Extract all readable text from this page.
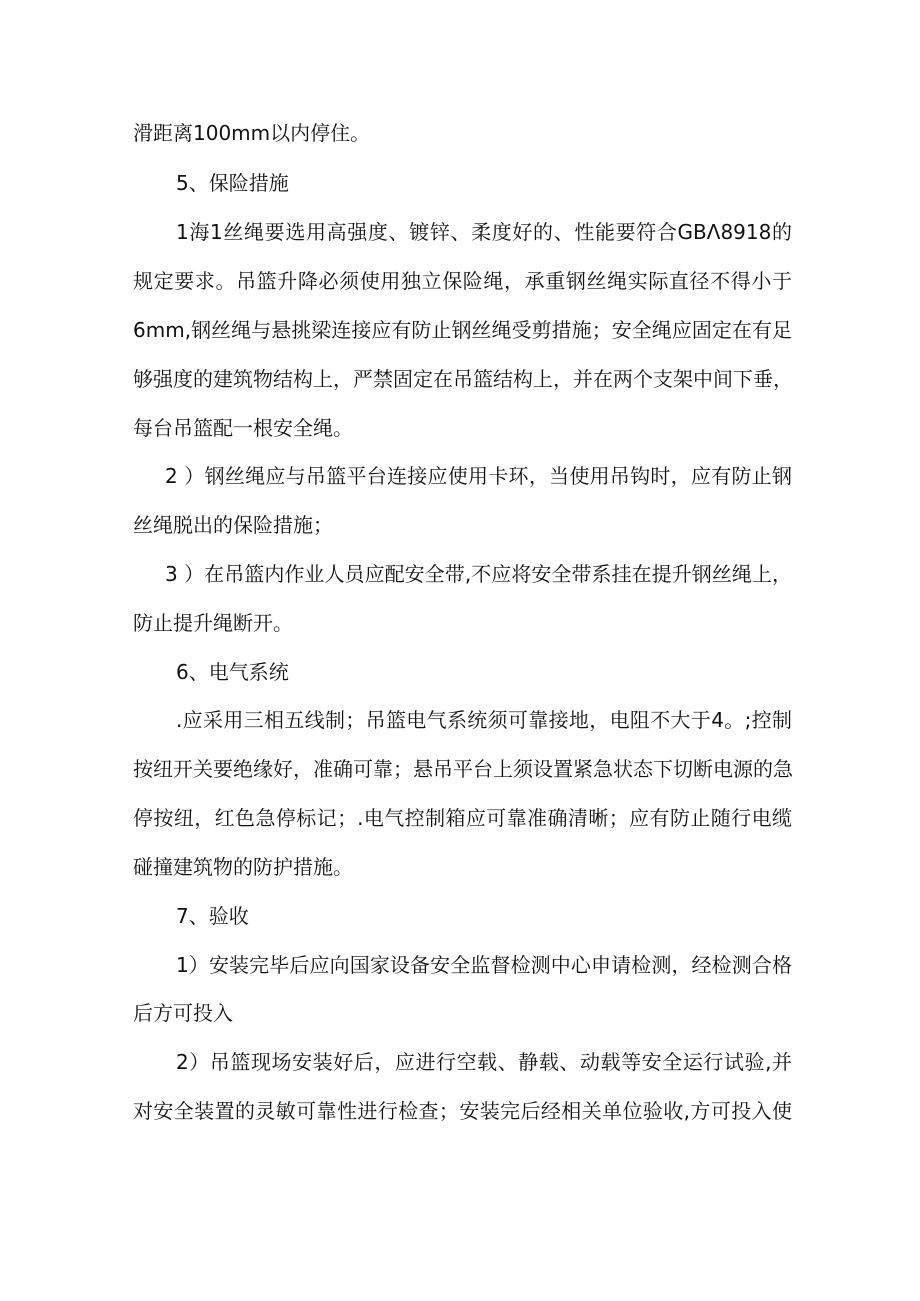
滑距离100mm以内停住。
5、保险措施
1海1丝绳要选用高强度、镀锌、柔度好的、性能要符合GBΛ8918的
规定要求。吊篮升降必须使用独立保险绳，承重钢丝绳实际直径不得小于
6mm,钢丝绳与悬挑梁连接应有防止钢丝绳受剪措施；安全绳应固定在有足
够强度的建筑物结构上，严禁固定在吊篮结构上，并在两个支架中间下垂，
每台吊篮配一根安全绳。
2 ）钢丝绳应与吊篮平台连接应使用卡环，当使用吊钩时，应有防止钢
丝绳脱出的保险措施；
3 ）在吊篮内作业人员应配安全带,不应将安全带系挂在提升钢丝绳上，
防止提升绳断开。
6、电气系统
.应采用三相五线制；吊篮电气系统须可靠接地，电阻不大于4。;控制
按纽开关要绝缘好，准确可靠；悬吊平台上须设置紧急状态下切断电源的急
停按纽，红色急停标记；.电气控制箱应可靠准确清晰；应有防止随行电缆
碰撞建筑物的防护措施。
7、验收
1）安装完毕后应向国家设备安全监督检测中心申请检测，经检测合格
后方可投入
2）吊篮现场安装好后，应进行空载、静载、动载等安全运行试验,并
对安全装置的灵敏可靠性进行检查；安装完后经相关单位验收,方可投入使
